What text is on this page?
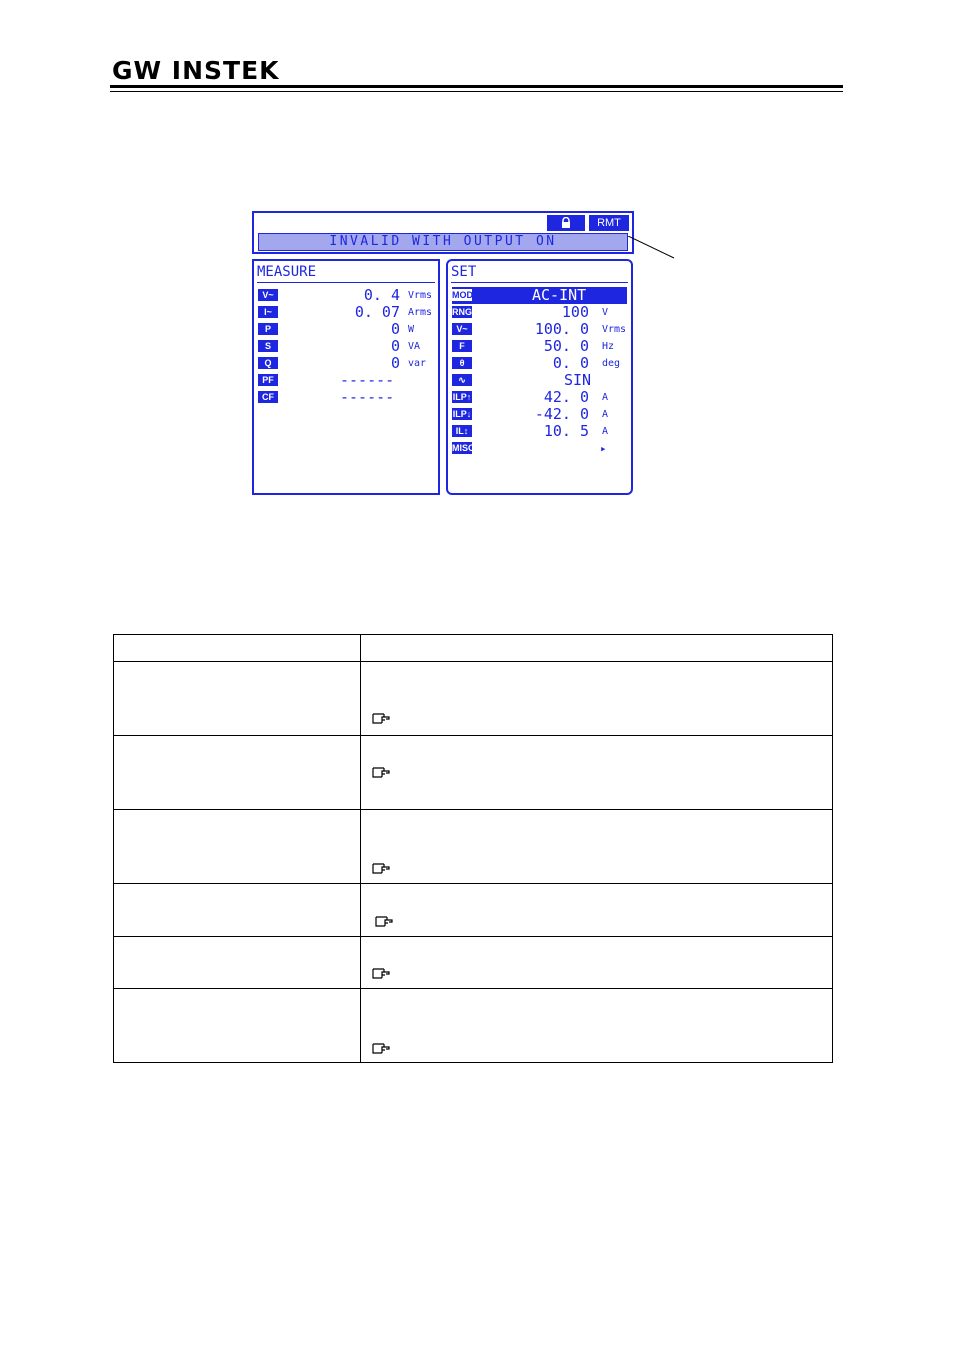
GW INSTEK
RMT
INVALID WITH OUTPUT ON
MEASURE
V~	0. 4 Vrms
I~	0. 07 Arms
P	0 W
S	0 VA
Q	0 var
PF	------
CF	------
SET
MOD	AC-INT
RNG	100 V
V~	100. 0 Vrms
F	50. 0 Hz
θ	0. 0 deg
∿	SIN
ILP↑	42. 0 A
ILP↓	-42. 0 A
IL↕	10. 5 A
MISC	▸
